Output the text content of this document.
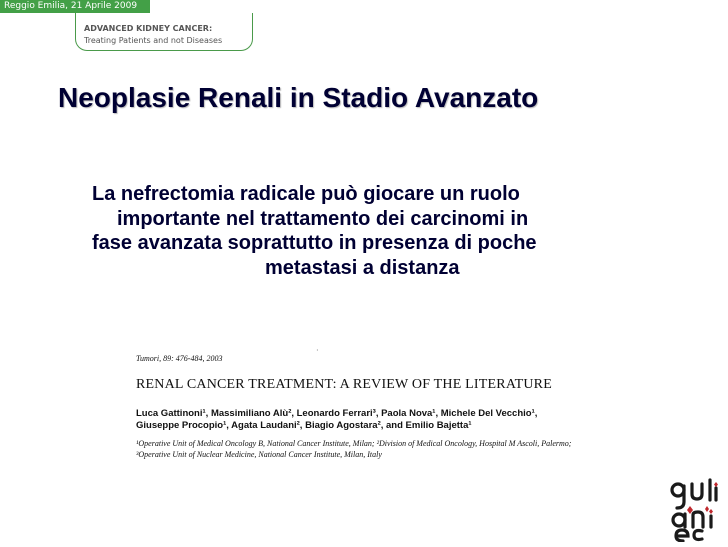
Reggio Emilia, 21 Aprile 2009
ADVANCED KIDNEY CANCER:
Treating Patients and not Diseases
Neoplasie Renali in Stadio Avanzato
La nefrectomia radicale può giocare un ruolo
importante nel trattamento dei carcinomi in
fase avanzata soprattutto in presenza di poche
metastasi a distanza
·
Tumori, 89: 476-484, 2003
RENAL CANCER TREATMENT: A REVIEW OF THE LITERATURE
Luca Gattinoni¹, Massimiliano Alù², Leonardo Ferrari³, Paola Nova¹, Michele Del Vecchio¹,
Giuseppe Procopio¹, Agata Laudani², Biagio Agostara², and Emilio Bajetta¹
¹Operative Unit of Medical Oncology B, National Cancer Institute, Milan; ²Division of Medical Oncology, Hospital M Ascoli, Palermo;
³Operative Unit of Nuclear Medicine, National Cancer Institute, Milan, Italy
